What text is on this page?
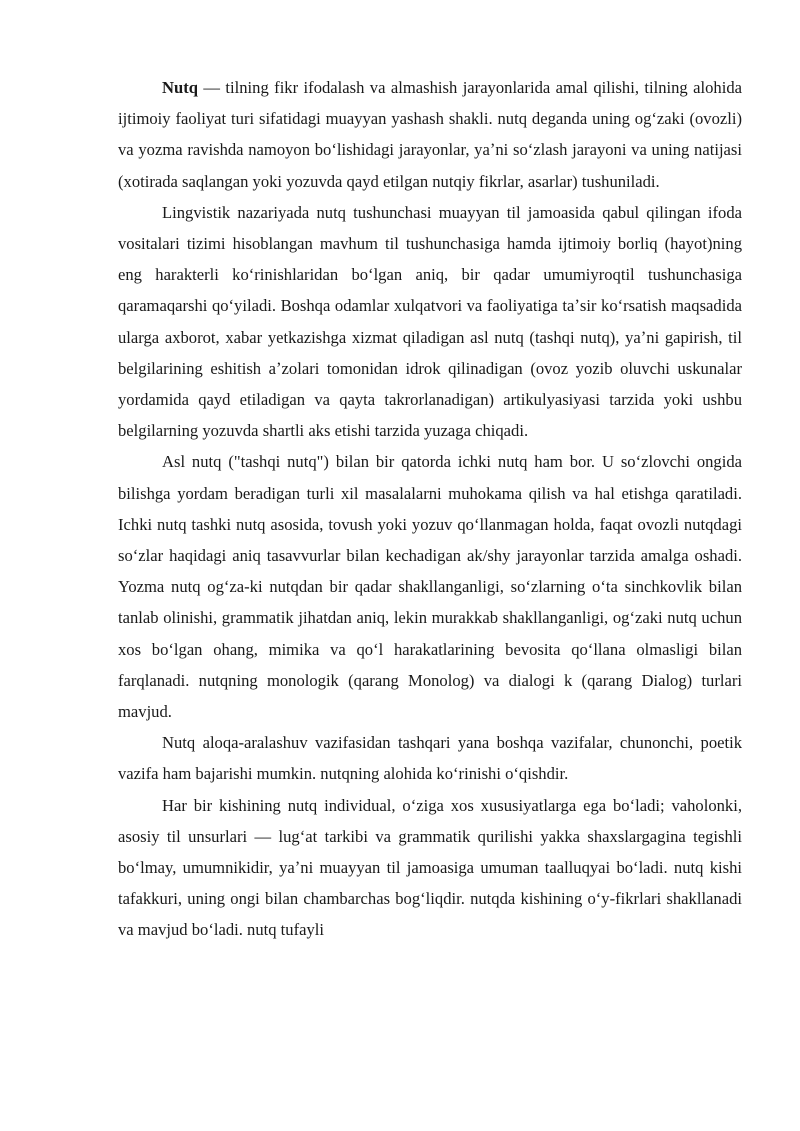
Nutq — tilning fikr ifodalash va almashish jarayonlarida amal qilishi, tilning alohida ijtimoiy faoliyat turi sifatidagi muayyan yashash shakli. nutq deganda uning ogʻzaki (ovozli) va yozma ravishda namoyon boʻlishidagi jarayonlar, yaʼni soʻzlash jarayoni va uning natijasi (xotirada saqlangan yoki yozuvda qayd etilgan nutqiy fikrlar, asarlar) tushuniladi.

Lingvistik nazariyada nutq tushunchasi muayyan til jamoasida qabul qilingan ifoda vositalari tizimi hisoblangan mavhum til tushunchasiga hamda ijtimoiy borliq (hayot)ning eng harakterli koʻrinishlaridan boʻlgan aniq, bir qadar umumiyroqtil tushunchasiga qaramaqarshi qoʻyiladi. Boshqa odamlar xulqatvori va faoliyatiga taʼsir koʻrsatish maqsadida ularga axborot, xabar yetkazishga xizmat qiladigan asl nutq (tashqi nutq), yaʼni gapirish, til belgilarining eshitish aʼzolari tomonidan idrok qilinadigan (ovoz yozib oluvchi uskunalar yordamida qayd etiladigan va qayta takrorlanadigan) artikulyasiyasi tarzida yoki ushbu belgilarning yozuvda shartli aks etishi tarzida yuzaga chiqadi.

Asl nutq ("tashqi nutq") bilan bir qatorda ichki nutq ham bor. U soʻzlovchi ongida bilishga yordam beradigan turli xil masalalarni muhokama qilish va hal etishga qaratiladi. Ichki nutq tashki nutq asosida, tovush yoki yozuv qoʻllanmagan holda, faqat ovozli nutqdagi soʻzlar haqidagi aniq tasavvurlar bilan kechadigan ak/shy jarayonlar tarzida amalga oshadi. Yozma nutq ogʻza-ki nutqdan bir qadar shakllanganligi, soʻzlarning oʻta sinchkovlik bilan tanlab olinishi, grammatik jihatdan aniq, lekin murakkab shakllanganligi, ogʻzaki nutq uchun xos boʻlgan ohang, mimika va qoʻl harakatlarining bevosita qoʻllana olmasligi bilan farqlanadi. nutqning monologik (qarang Monolog) va dialogi k (qarang Dialog) turlari mavjud.

Nutq aloqa-aralashuv vazifasidan tashqari yana boshqa vazifalar, chunonchi, poetik vazifa ham bajarishi mumkin. nutqning alohida koʻrinishi oʻqishdir.

Har bir kishining nutq individual, oʻziga xos xususiyatlarga ega boʻladi; vaholonki, asosiy til unsurlari — lugʻat tarkibi va grammatik qurilishi yakka shaxslargagina tegishli boʻlmay, umumnikidir, yaʼni muayyan til jamoasiga umuman taalluqyai boʻladi. nutq kishi tafakkuri, uning ongi bilan chambarchas bogʻliqdir. nutqda kishining oʻy-fikrlari shakllanadi va mavjud boʻladi. nutq tufayli
